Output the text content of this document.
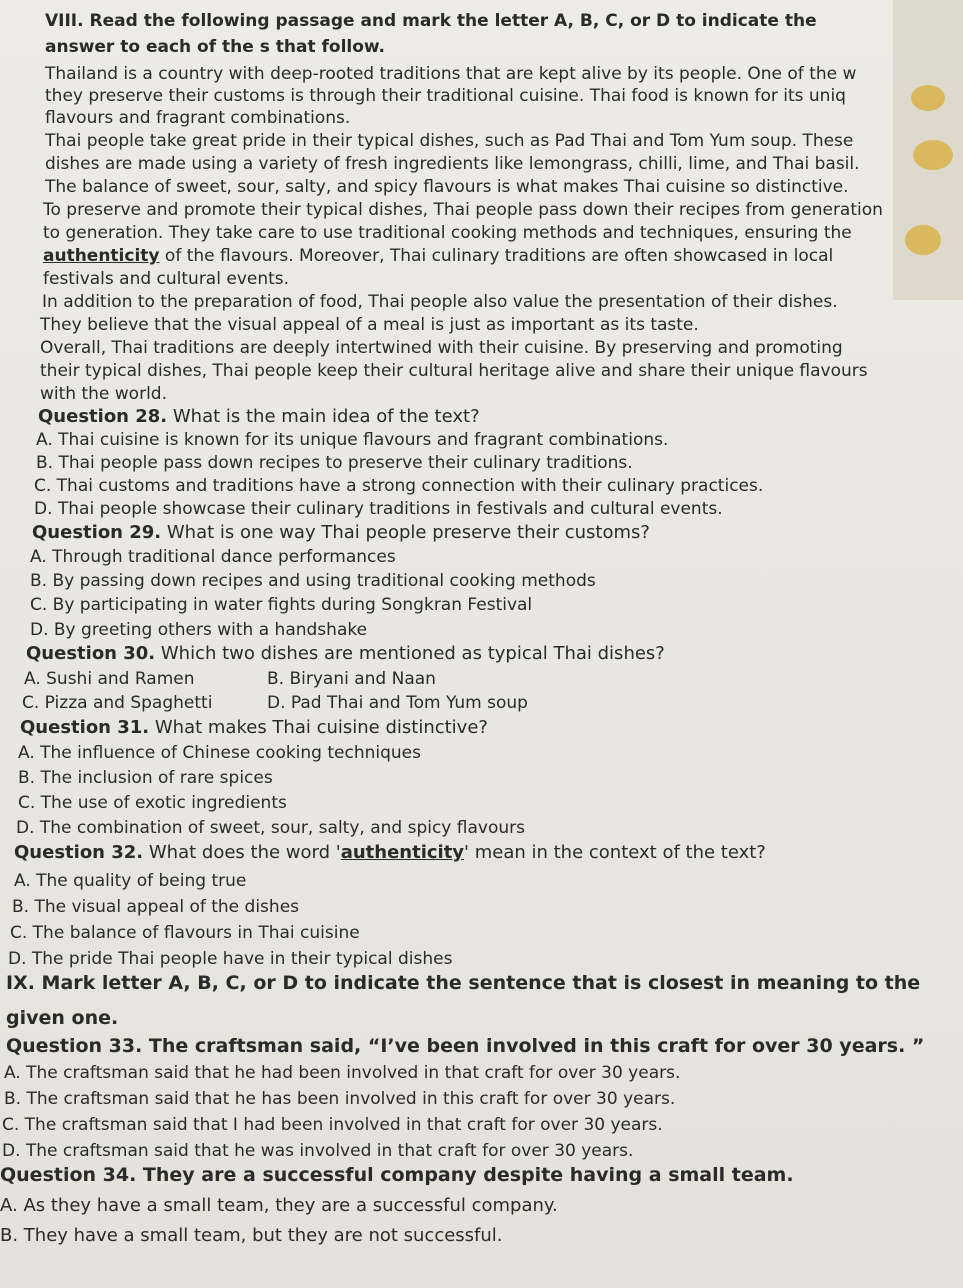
VIII. Read the following passage and mark the letter A, B, C, or D to indicate the
answer to each of the s that follow.
Thailand is a country with deep-rooted traditions that are kept alive by its people. One of the w
they preserve their customs is through their traditional cuisine. Thai food is known for its uniq
flavours and fragrant combinations.
Thai people take great pride in their typical dishes, such as Pad Thai and Tom Yum soup. These
dishes are made using a variety of fresh ingredients like lemongrass, chilli, lime, and Thai basil.
The balance of sweet, sour, salty, and spicy flavours is what makes Thai cuisine so distinctive.
To preserve and promote their typical dishes, Thai people pass down their recipes from generation
to generation. They take care to use traditional cooking methods and techniques, ensuring the
authenticity of the flavours. Moreover, Thai culinary traditions are often showcased in local
festivals and cultural events.
In addition to the preparation of food, Thai people also value the presentation of their dishes.
They believe that the visual appeal of a meal is just as important as its taste.
Overall, Thai traditions are deeply intertwined with their cuisine. By preserving and promoting
their typical dishes, Thai people keep their cultural heritage alive and share their unique flavours
with the world.
Question 28. What is the main idea of the text?
A. Thai cuisine is known for its unique flavours and fragrant combinations.
B. Thai people pass down recipes to preserve their culinary traditions.
C. Thai customs and traditions have a strong connection with their culinary practices.
D. Thai people showcase their culinary traditions in festivals and cultural events.
Question 29. What is one way Thai people preserve their customs?
A. Through traditional dance performances
B. By passing down recipes and using traditional cooking methods
C. By participating in water fights during Songkran Festival
D. By greeting others with a handshake
Question 30. Which two dishes are mentioned as typical Thai dishes?
A. Sushi and Ramen	B. Biryani and Naan
C. Pizza and Spaghetti	D. Pad Thai and Tom Yum soup
Question 31. What makes Thai cuisine distinctive?
A. The influence of Chinese cooking techniques
B. The inclusion of rare spices
C. The use of exotic ingredients
D. The combination of sweet, sour, salty, and spicy flavours
Question 32. What does the word 'authenticity' mean in the context of the text?
A. The quality of being true
B. The visual appeal of the dishes
C. The balance of flavours in Thai cuisine
D. The pride Thai people have in their typical dishes
IX. Mark letter A, B, C, or D to indicate the sentence that is closest in meaning to the
given one.
Question 33. The craftsman said, “I’ve been involved in this craft for over 30 years. ”
A. The craftsman said that he had been involved in that craft for over 30 years.
B. The craftsman said that he has been involved in this craft for over 30 years.
C. The craftsman said that I had been involved in that craft for over 30 years.
D. The craftsman said that he was involved in that craft for over 30 years.
Question 34. They are a successful company despite having a small team.
A. As they have a small team, they are a successful company.
B. They have a small team, but they are not successful.
